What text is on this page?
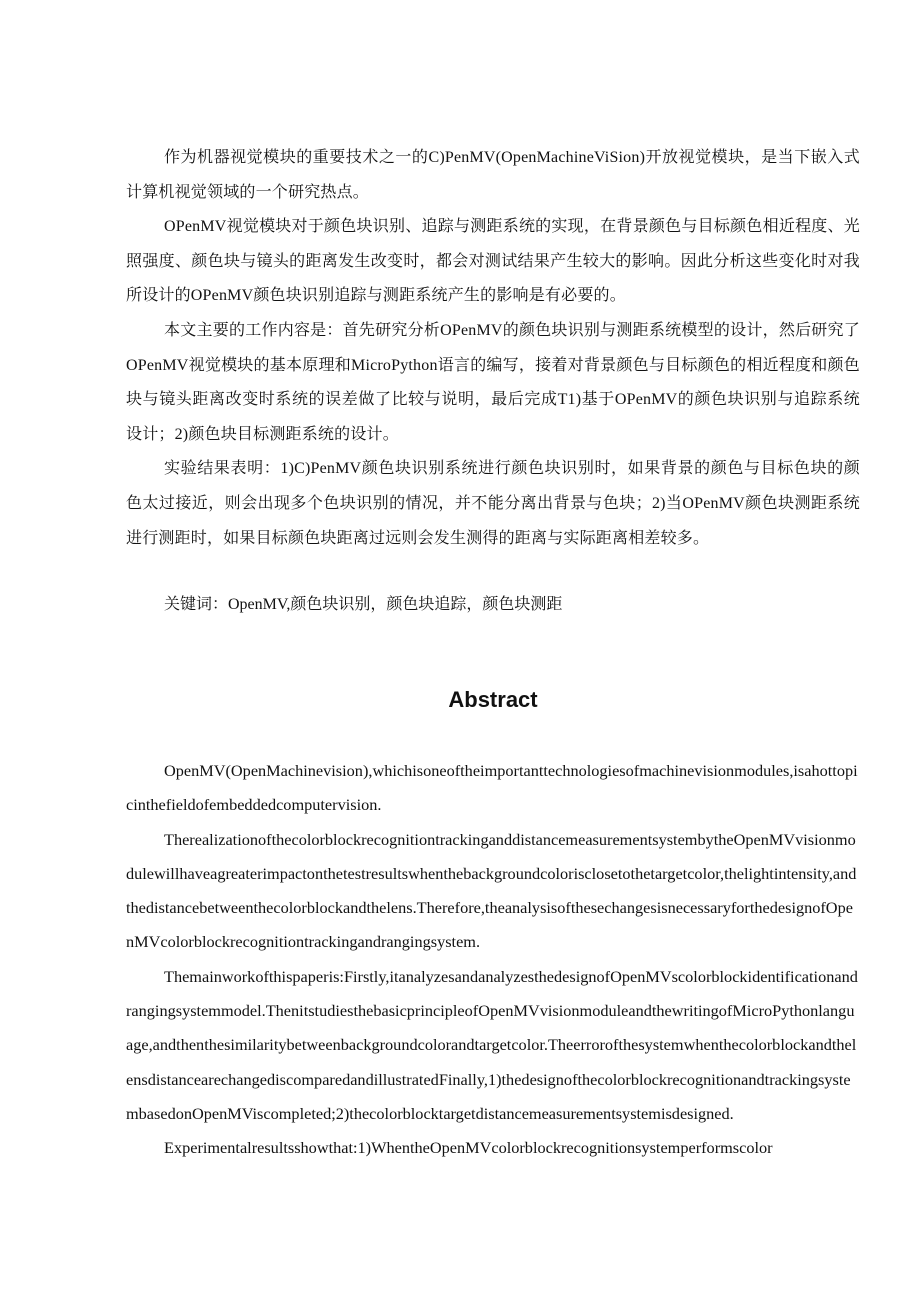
作为机器视觉模块的重要技术之一的C)PenMV(OpenMachineViSion)开放视觉模块，是当下嵌入式计算机视觉领域的一个研究热点。

OPenMV视觉模块对于颜色块识别、追踪与测距系统的实现，在背景颜色与目标颜色相近程度、光照强度、颜色块与镜头的距离发生改变时，都会对测试结果产生较大的影响。因此分析这些变化时对我所设计的OPenMV颜色块识别追踪与测距系统产生的影响是有必要的。

本文主要的工作内容是：首先研究分析OPenMV的颜色块识别与测距系统模型的设计，然后研究了OPenMV视觉模块的基本原理和MicroPython语言的编写，接着对背景颜色与目标颜色的相近程度和颜色块与镜头距离改变时系统的误差做了比较与说明，最后完成T1)基于OPenMV的颜色块识别与追踪系统设计；2)颜色块目标测距系统的设计。

实验结果表明：1)C)PenMV颜色块识别系统进行颜色块识别时，如果背景的颜色与目标色块的颜色太过接近，则会出现多个色块识别的情况，并不能分离出背景与色块；2)当OPenMV颜色块测距系统进行测距时，如果目标颜色块距离过远则会发生测得的距离与实际距离相差较多。

关键词：OpenMV,颜色块识别，颜色块追踪，颜色块测距

Abstract

OpenMV(OpenMachinevision),whichisoneoftheimportanttechnologiesofmachinevisionmodules,isahottopicinthefieldofembeddedcomputervision.

TherealizationofthecolorblockrecognitiontrackinganddistancemeasurementsystembytheOpenMVvisionmodulewillhaveagreaterimpactonthetestresultswhenthebackgroundcolorisclosetothetargetcolor,thelightintensity,andthedistancebetweenthecolorblockandthelens.Therefore,theanalysisofthesechangesisnecessaryforthedesignofOpenMVcolorblockrecognitiontrackingandrangingsystem.

Themainworkofthispaperis:Firstly,itanalyzesandanalyzesthedesignofOpenMVscolorblockidentificationandrangingsystemmodel.ThenitstudiesthebasicprincipleofOpenMVvisionmoduleandthewritingofMicroPythonlanguage,andthenthesimilaritybetweenbackgroundcolorandtargetcolor.TheerrorofthesystemwhenthecolorblockandthelensdistancearechangediscomparedandillustratedFinally,1)thedesignofthecolorblockrecognitionandtrackingsystembasedonOpenMViscompleted;2)thecolorblocktargetdistancemeasurementsystemisdesigned.

Experimentalresultsshowthat:1)WhentheOpenMVcolorblockrecognitionsystemperformscolor
